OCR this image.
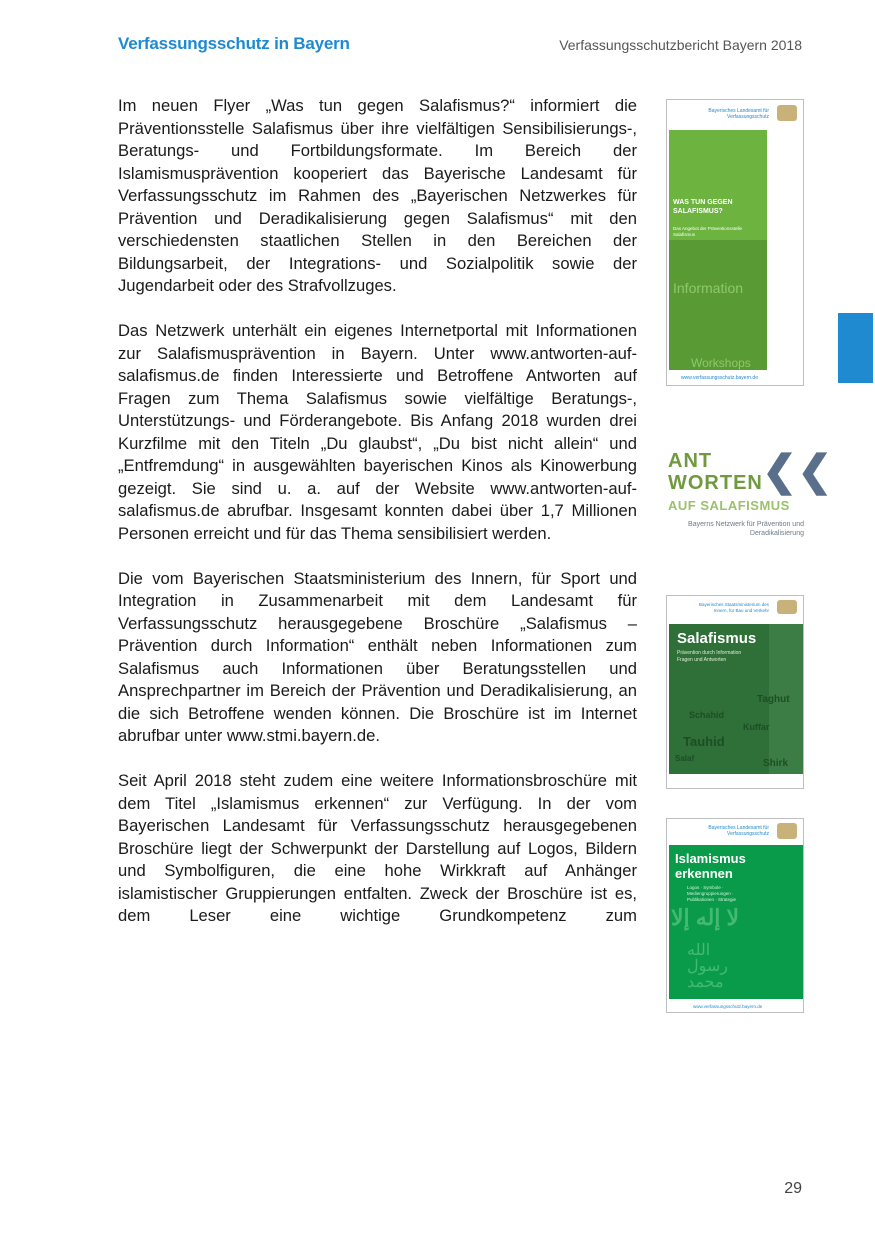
Verfassungsschutz in Bayern	Verfassungsschutzbericht Bayern 2018

Im neuen Flyer „Was tun gegen Salafismus?“ informiert die Präventionsstelle Salafismus über ihre vielfältigen Sensibilisierungs-, Beratungs- und Fortbildungsformate. Im Bereich der Islamismusprävention kooperiert das Bayerische Landesamt für Verfassungsschutz im Rahmen des „Bayerischen Netzwerkes für Prävention und Deradikalisierung gegen Salafismus“ mit den verschiedensten staatlichen Stellen in den Bereichen der Bildungsarbeit, der Integrations- und Sozialpolitik sowie der Jugendarbeit oder des Strafvollzuges.

Das Netzwerk unterhält ein eigenes Internetportal mit Informationen zur Salafismusprävention in Bayern. Unter www.antworten-auf-salafismus.de finden Interessierte und Betroffene Antworten auf Fragen zum Thema Salafismus sowie vielfältige Beratungs-, Unterstützungs- und Förderangebote. Bis Anfang 2018 wurden drei Kurzfilme mit den Titeln „Du glaubst“, „Du bist nicht allein“ und „Entfremdung“ in ausgewählten bayerischen Kinos als Kinowerbung gezeigt. Sie sind u. a. auf der Website www.antworten-auf-salafismus.de abrufbar. Insgesamt konnten dabei über 1,7 Millionen Personen erreicht und für das Thema sensibilisiert werden.

Die vom Bayerischen Staatsministerium des Innern, für Sport und Integration in Zusammenarbeit mit dem Landesamt für Verfassungsschutz herausgegebene Broschüre „Salafismus – Prävention durch Information“ enthält neben Informationen zum Salafismus auch Informationen über Beratungsstellen und Ansprechpartner im Bereich der Prävention und Deradikalisierung, an die sich Betroffene wenden können. Die Broschüre ist im Internet abrufbar unter www.stmi.bayern.de.

Seit April 2018 steht zudem eine weitere Informationsbroschüre mit dem Titel „Islamismus erkennen“ zur Verfügung. In der vom Bayerischen Landesamt für Verfassungsschutz herausgegebenen Broschüre liegt der Schwerpunkt der Darstellung auf Logos, Bildern und Symbolfiguren, die eine hohe Wirkkraft auf Anhänger islamistischer Gruppierungen entfalten. Zweck der Broschüre ist es, dem Leser eine wichtige Grundkompetenz zum

Bayerisches Landesamt für Verfassungsschutz
WAS TUN GEGEN SALAFISMUS?
Das Angebot der Präventionsstelle Salafismus
Information
Workshops
www.verfassungsschutz.bayern.de
ANT
WORTEN ❮❮
AUF SALAFISMUS
Bayerns Netzwerk für Prävention und Deradikalisierung
Bayerisches Staatsministerium des Innern, für Bau und Verkehr
Salafismus
Prävention durch Information Fragen und Antworten
Taghut
Schahid
Kuffar
Tauhid
Salaf	Shirk
Bayerisches Landesamt für Verfassungsschutz
Islamismus erkennen
Logos · Symbole · Mediengruppierungen · Publikationen · Strategie
ﻻ ﺇﻟﻪ ﺇﻻ
الله رسول محمد
www.verfassungsschutz.bayern.de
29
